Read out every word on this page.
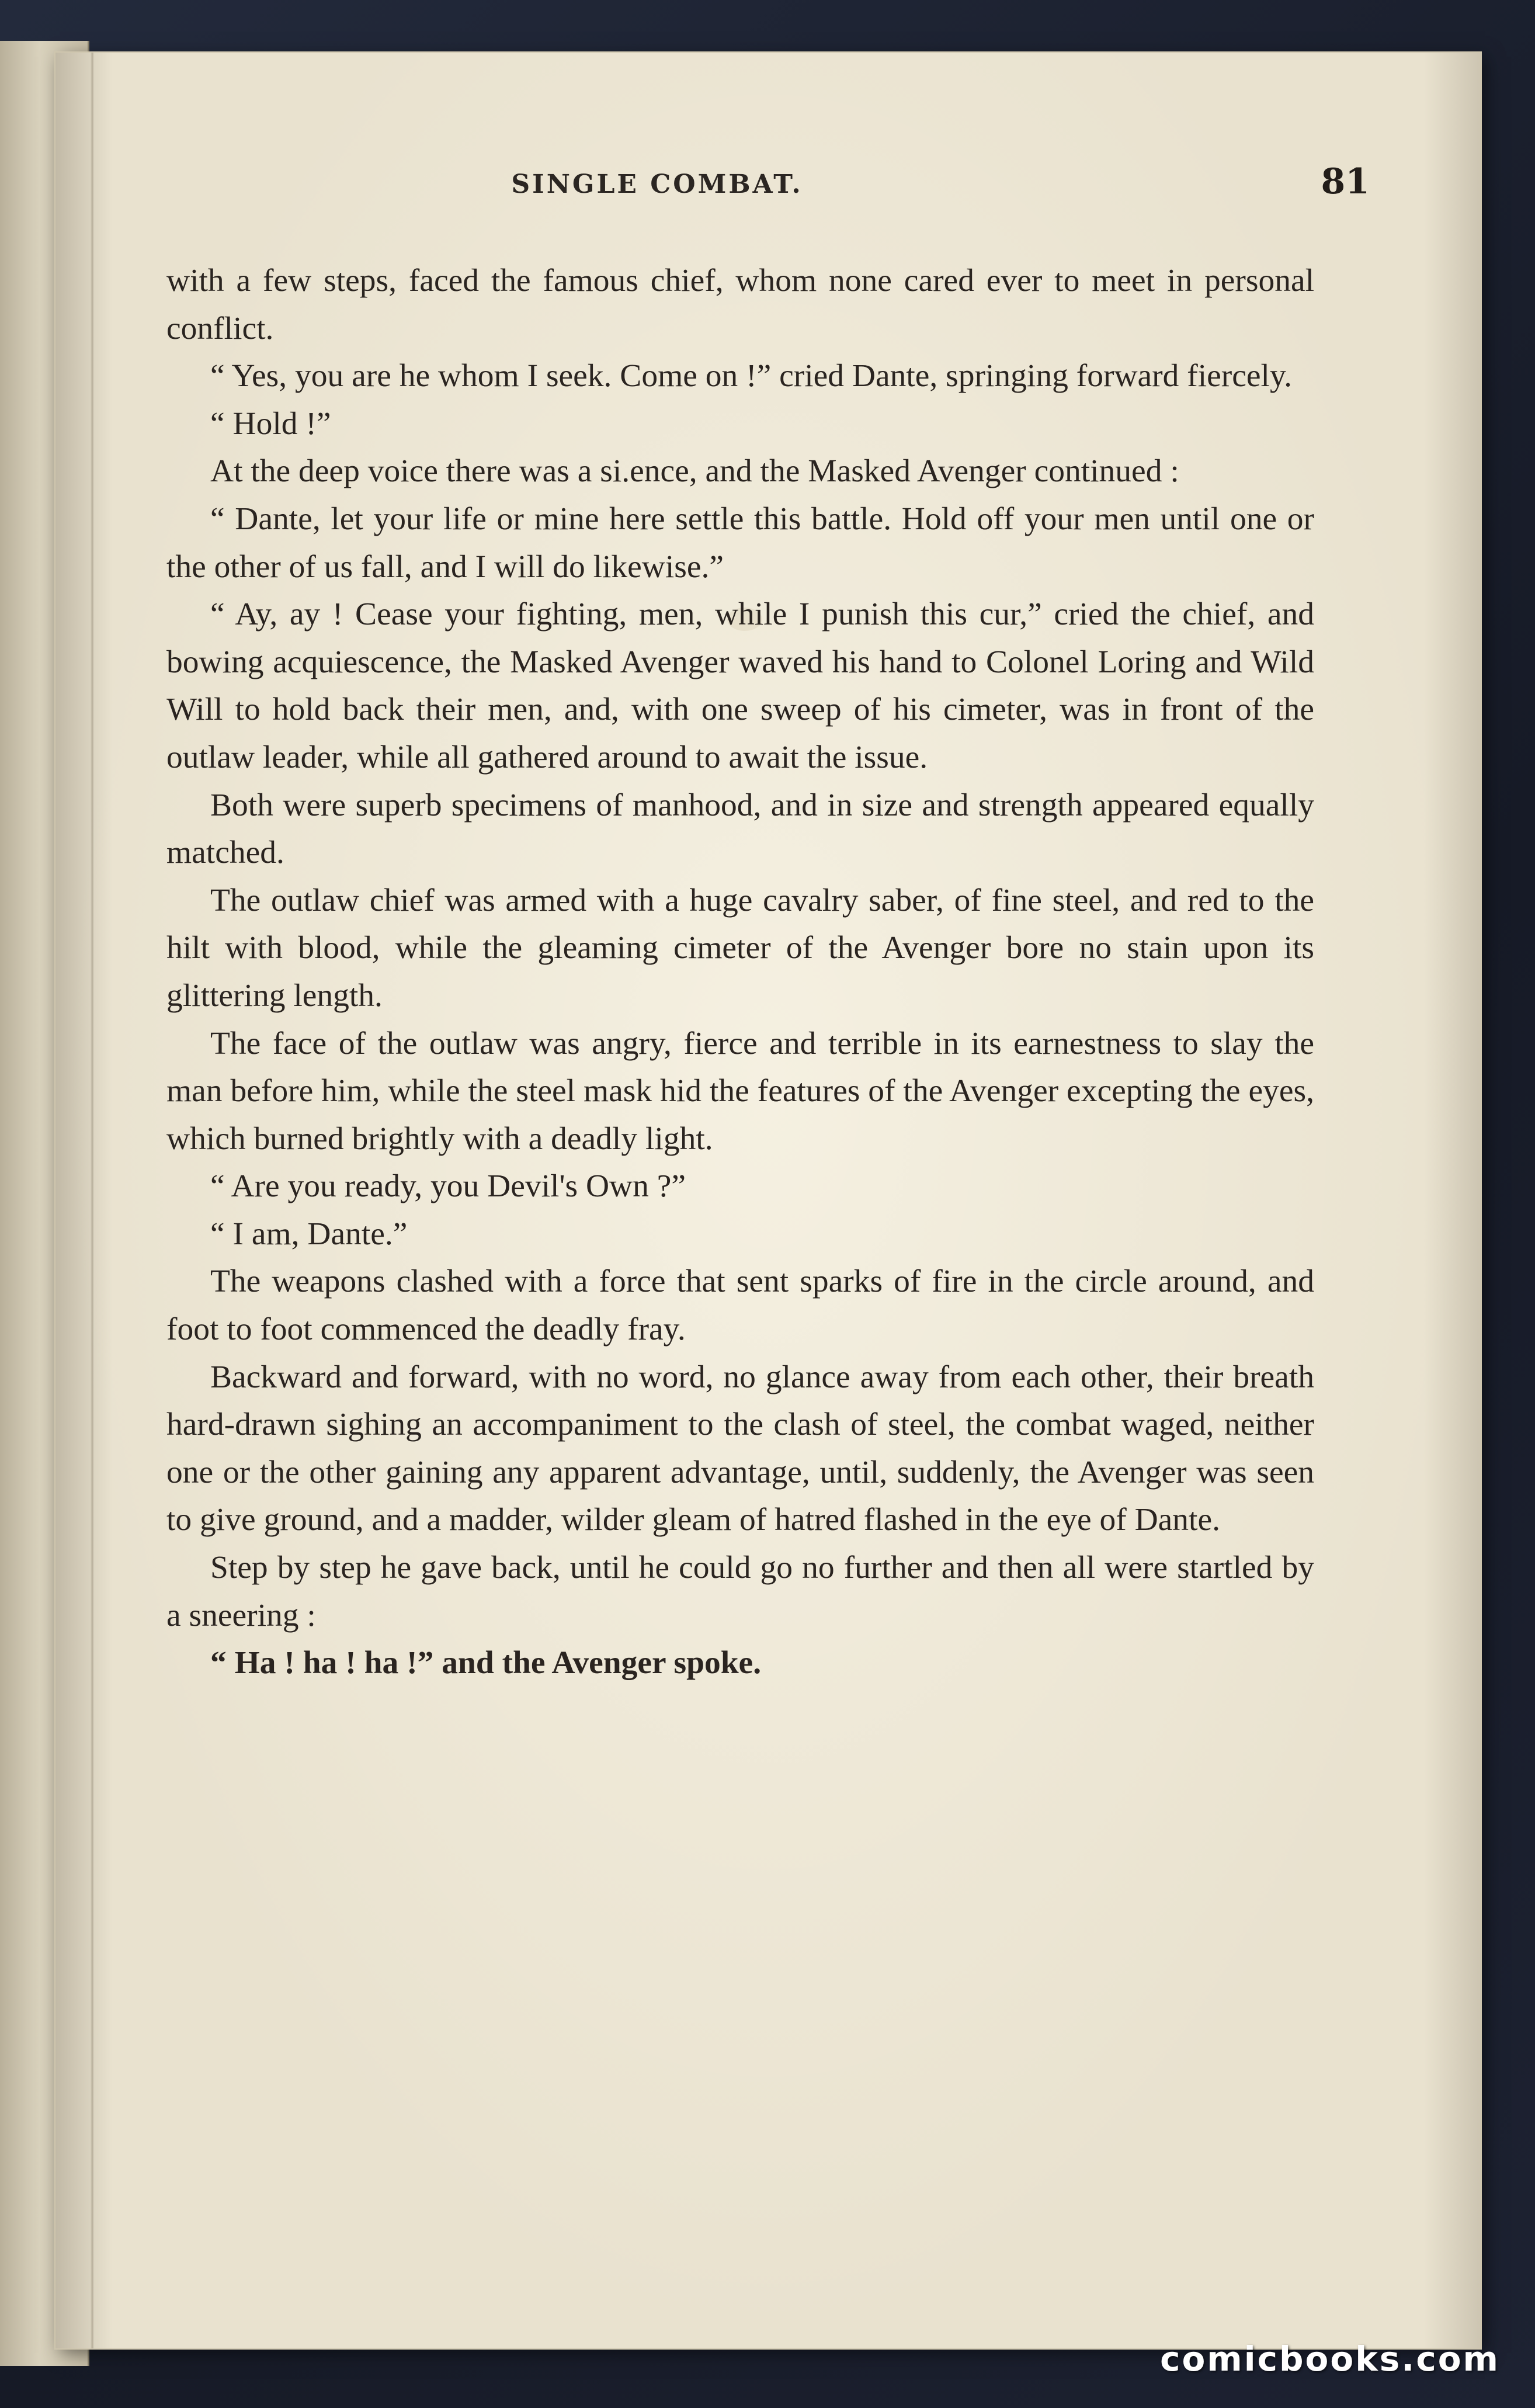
SINGLE COMBAT.	81

with a few steps, faced the famous chief, whom none cared ever to meet in personal conflict.

“ Yes, you are he whom I seek. Come on !” cried Dante, springing forward fiercely.

“ Hold !”

At the deep voice there was a si.ence, and the Masked Avenger continued :

“ Dante, let your life or mine here settle this battle. Hold off your men until one or the other of us fall, and I will do likewise.”

“ Ay, ay ! Cease your fighting, men, while I punish this cur,” cried the chief, and bowing acquiescence, the Masked Avenger waved his hand to Colonel Loring and Wild Will to hold back their men, and, with one sweep of his cimeter, was in front of the outlaw leader, while all gathered around to await the issue.

Both were superb specimens of manhood, and in size and strength appeared equally matched.

The outlaw chief was armed with a huge cavalry saber, of fine steel, and red to the hilt with blood, while the gleaming cimeter of the Avenger bore no stain upon its glittering length.

The face of the outlaw was angry, fierce and terrible in its earnestness to slay the man before him, while the steel mask hid the features of the Avenger excepting the eyes, which burned brightly with a deadly light.

“ Are you ready, you Devil's Own ?”

“ I am, Dante.”

The weapons clashed with a force that sent sparks of fire in the circle around, and foot to foot commenced the deadly fray.

Backward and forward, with no word, no glance away from each other, their breath hard-drawn sighing an accompaniment to the clash of steel, the combat waged, neither one or the other gaining any apparent advantage, until, suddenly, the Avenger was seen to give ground, and a madder, wilder gleam of hatred flashed in the eye of Dante.

Step by step he gave back, until he could go no further and then all were startled by a sneering :

“ Ha ! ha ! ha !” and the Avenger spoke.

comicbooks.com
